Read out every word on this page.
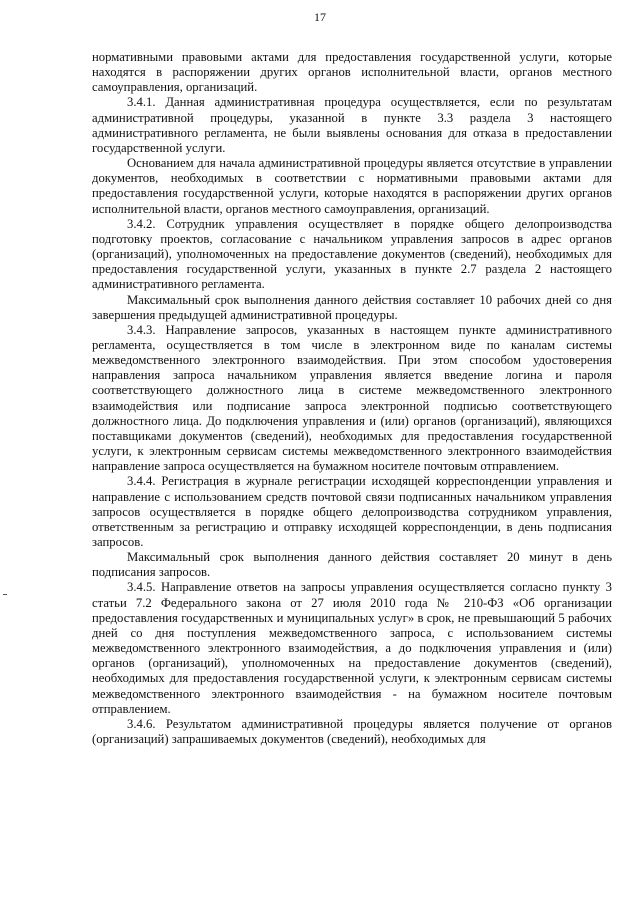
17

нормативными правовыми актами для предоставления государственной услуги, которые находятся в распоряжении других органов исполнительной власти, органов местного самоуправления, организаций.

3.4.1. Данная административная процедура осуществляется, если по результатам административной процедуры, указанной в пункте 3.3 раздела 3 настоящего административного регламента, не были выявлены основания для отказа в предоставлении государственной услуги.

Основанием для начала административной процедуры является отсутствие в управлении документов, необходимых в соответствии с нормативными правовыми актами для предоставления государственной услуги, которые находятся в распоряжении других органов исполнительной власти, органов местного самоуправления, организаций.

3.4.2. Сотрудник управления осуществляет в порядке общего делопроизводства подготовку проектов, согласование с начальником управления запросов в адрес органов (организаций), уполномоченных на предоставление документов (сведений), необходимых для предоставления государственной услуги, указанных в пункте 2.7 раздела 2 настоящего административного регламента.

Максимальный срок выполнения данного действия составляет 10 рабочих дней со дня завершения предыдущей административной процедуры.

3.4.3. Направление запросов, указанных в настоящем пункте административного регламента, осуществляется в том числе в электронном виде по каналам системы межведомственного электронного взаимодействия. При этом способом удостоверения направления запроса начальником управления является введение логина и пароля соответствующего должностного лица в системе межведомственного электронного взаимодействия или подписание запроса электронной подписью соответствующего должностного лица. До подключения управления и (или) органов (организаций), являющихся поставщиками документов (сведений), необходимых для предоставления государственной услуги, к электронным сервисам системы межведомственного электронного взаимодействия направление запроса осуществляется на бумажном носителе почтовым отправлением.

3.4.4. Регистрация в журнале регистрации исходящей корреспонденции управления и направление с использованием средств почтовой связи подписанных начальником управления запросов осуществляется в порядке общего делопроизводства сотрудником управления, ответственным за регистрацию и отправку исходящей корреспонденции, в день подписания запросов.

Максимальный срок выполнения данного действия составляет 20 минут в день подписания запросов.

3.4.5. Направление ответов на запросы управления осуществляется согласно пункту 3 статьи 7.2 Федерального закона от 27 июля 2010 года № 210-ФЗ «Об организации предоставления государственных и муниципальных услуг» в срок, не превышающий 5 рабочих дней со дня поступления межведомственного запроса, с использованием системы межведомственного электронного взаимодействия, а до подключения управления и (или) органов (организаций), уполномоченных на предоставление документов (сведений), необходимых для предоставления государственной услуги, к электронным сервисам системы межведомственного электронного взаимодействия - на бумажном носителе почтовым отправлением.

3.4.6. Результатом административной процедуры является получение от органов (организаций) запрашиваемых документов (сведений), необходимых для
